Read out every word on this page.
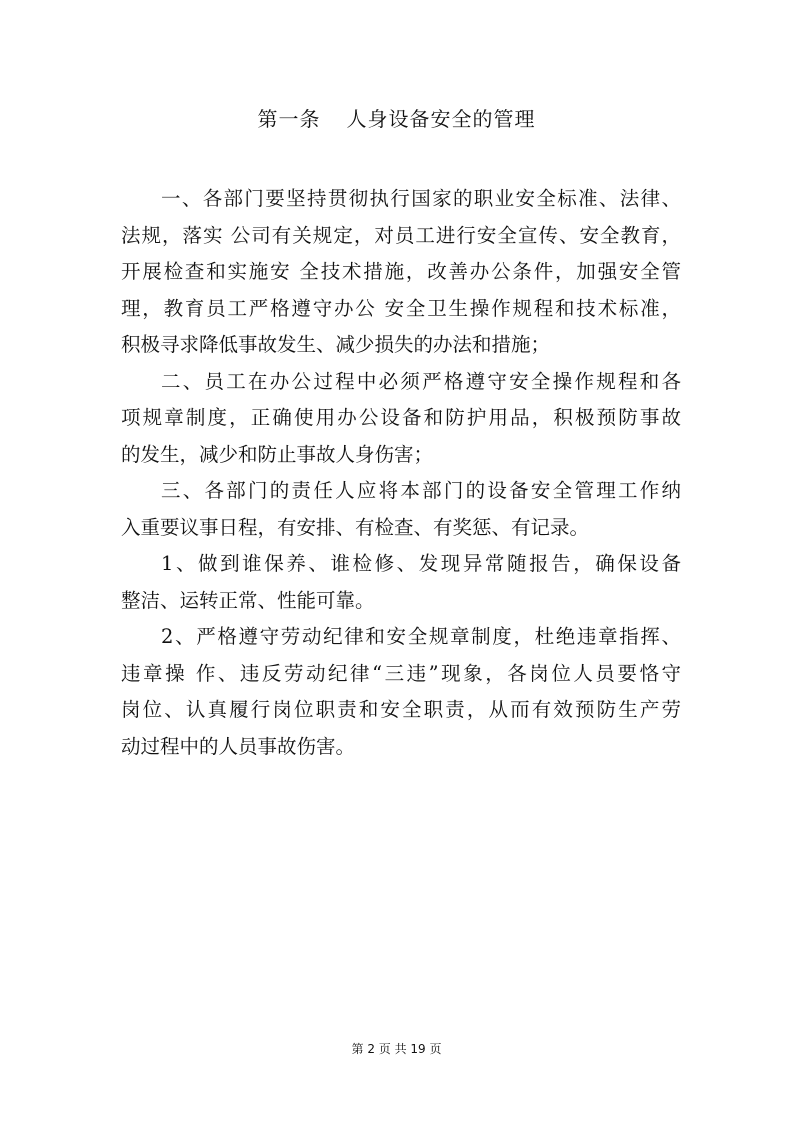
第一条 人身设备安全的管理
一、各部门要坚持贯彻执行国家的职业安全标准、法律、
法规，落实 公司有关规定，对员工进行安全宣传、安全教育，
开展检查和实施安 全技术措施，改善办公条件，加强安全管
理，教育员工严格遵守办公 安全卫生操作规程和技术标准，
积极寻求降低事故发生、减少损失的办法和措施；
二、员工在办公过程中必须严格遵守安全操作规程和各
项规章制度，正确使用办公设备和防护用品，积极预防事故
的发生，减少和防止事故人身伤害；
三、各部门的责任人应将本部门的设备安全管理工作纳
入重要议事日程，有安排、有检查、有奖惩、有记录。
1、做到谁保养、谁检修、发现异常随报告，确保设备
整洁、运转正常、性能可靠。
2、严格遵守劳动纪律和安全规章制度，杜绝违章指挥、
违章操 作、违反劳动纪律“三违”现象，各岗位人员要恪守
岗位、认真履行岗位职责和安全职责，从而有效预防生产劳
动过程中的人员事故伤害。
第 2 页 共 19 页
